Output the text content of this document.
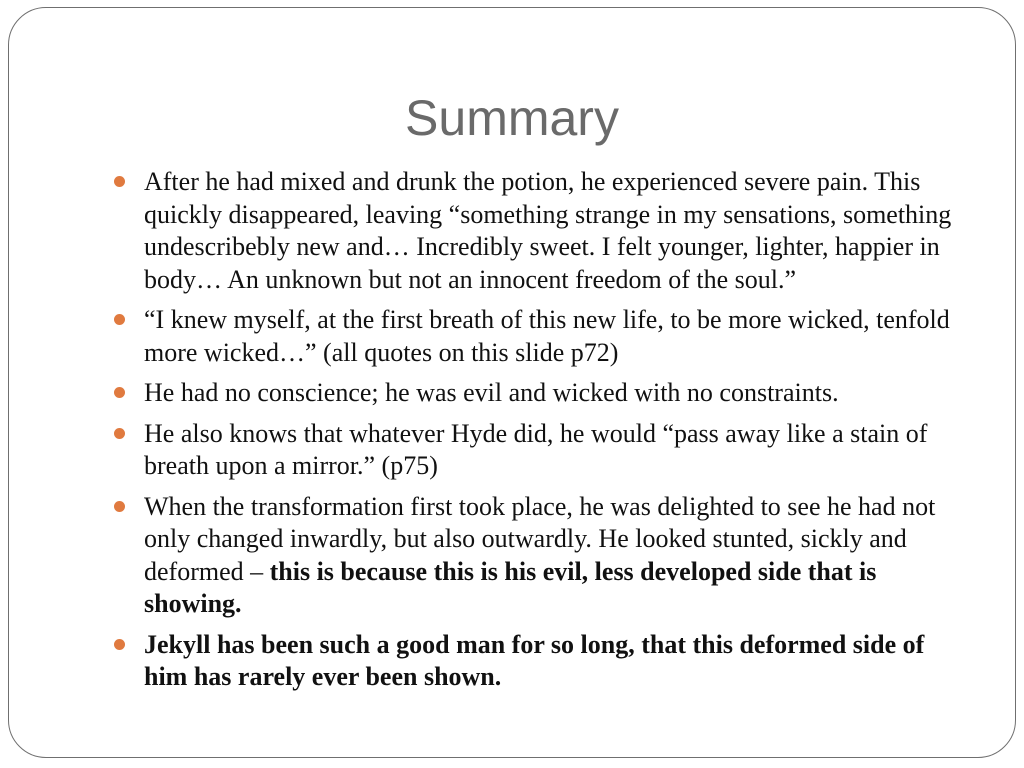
Summary
After he had mixed and drunk the potion, he experienced severe pain. This quickly disappeared, leaving “something strange in my sensations, something undescribebly new and… Incredibly sweet. I felt younger, lighter, happier in body… An unknown but not an innocent freedom of the soul.”
“I knew myself, at the first breath of this new life, to be more wicked, tenfold more wicked…” (all quotes on this slide p72)
He had no conscience; he was evil and wicked with no constraints.
He also knows that whatever Hyde did, he would “pass away like a stain of breath upon a mirror.” (p75)
When the transformation first took place, he was delighted to see he had not only changed inwardly, but also outwardly. He looked stunted, sickly and deformed – this is because this is his evil, less developed side that is showing.
Jekyll has been such a good man for so long, that this deformed side of him has rarely ever been shown.
